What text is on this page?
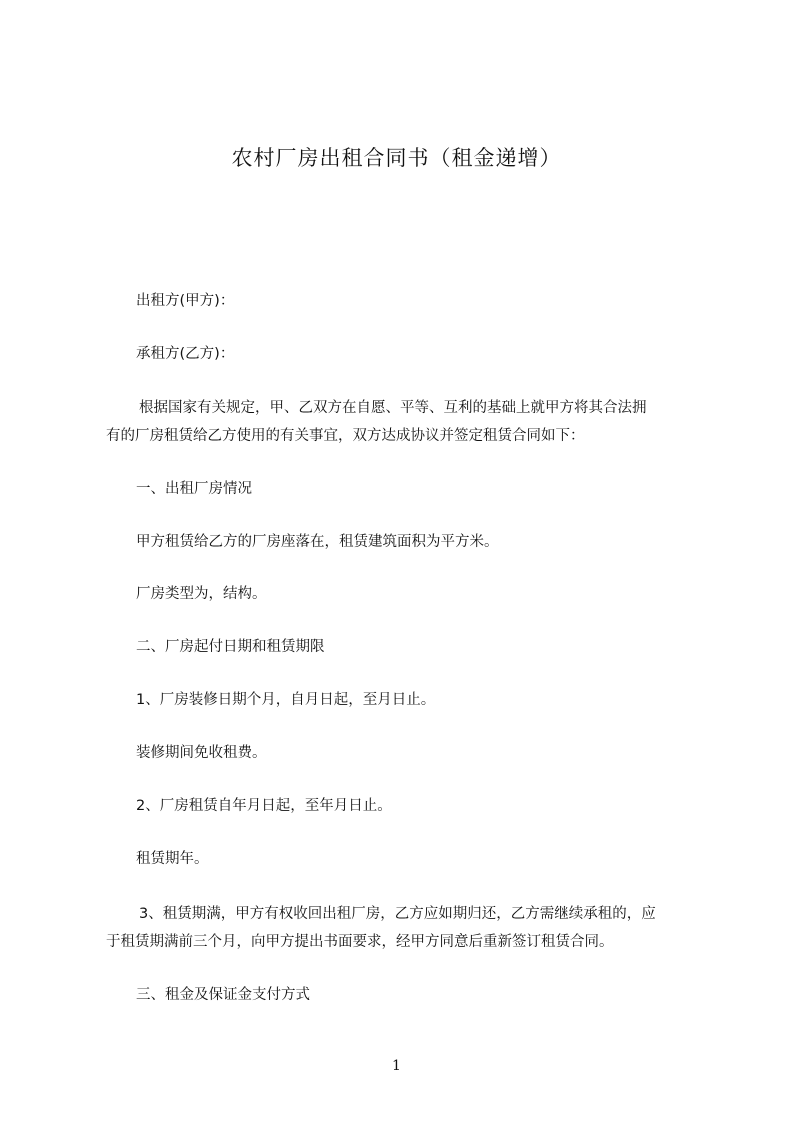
农村厂房出租合同书（租金递增）
出租方(甲方)：
承租方(乙方)：
根据国家有关规定，甲、乙双方在自愿、平等、互利的基础上就甲方将其合法拥
有的厂房租赁给乙方使用的有关事宜，双方达成协议并签定租赁合同如下：
一、出租厂房情况
甲方租赁给乙方的厂房座落在，租赁建筑面积为平方米。
厂房类型为，结构。
二、厂房起付日期和租赁期限
1、厂房装修日期个月，自月日起，至月日止。
装修期间免收租费。
2、厂房租赁自年月日起，至年月日止。
租赁期年。
3、租赁期满，甲方有权收回出租厂房，乙方应如期归还，乙方需继续承租的，应
于租赁期满前三个月，向甲方提出书面要求，经甲方同意后重新签订租赁合同。
三、租金及保证金支付方式
1
